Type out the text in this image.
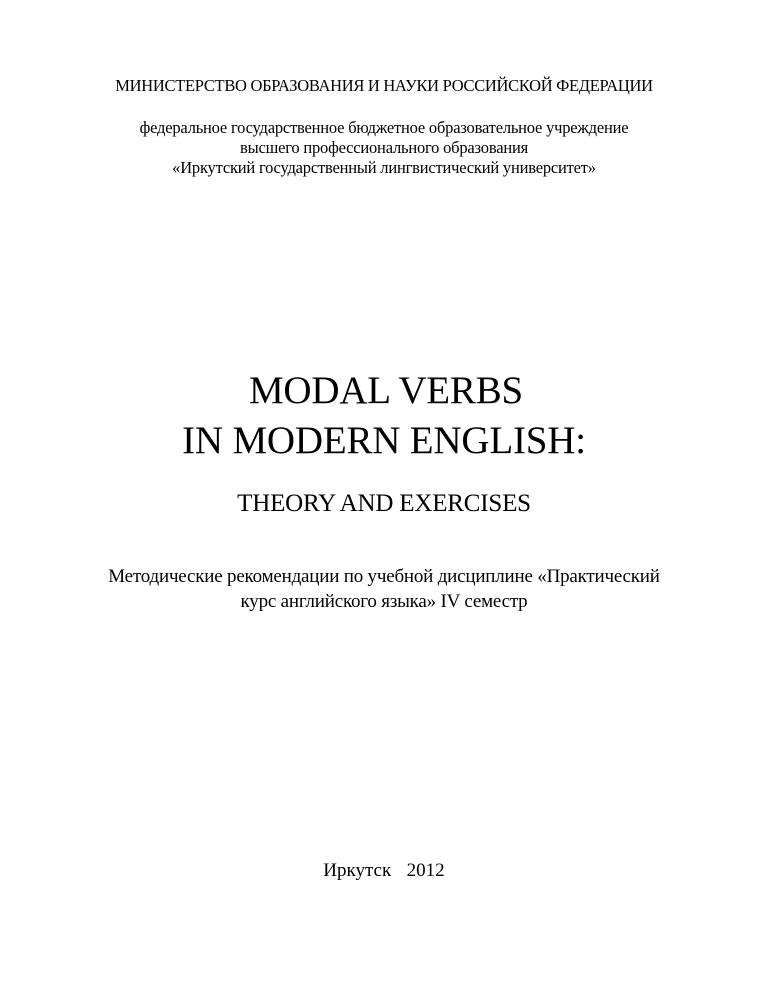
МИНИСТЕРСТВО ОБРАЗОВАНИЯ И НАУКИ РОССИЙСКОЙ ФЕДЕРАЦИИ
федеральное государственное бюджетное образовательное учреждение
высшего профессионального образования
«Иркутский государственный лингвистический университет»
MODAL VERBS
IN MODERN ENGLISH:
THEORY AND EXERCISES
Методические рекомендации по учебной дисциплине «Практический
курс английского языка» IV семестр
Иркутск  2012
